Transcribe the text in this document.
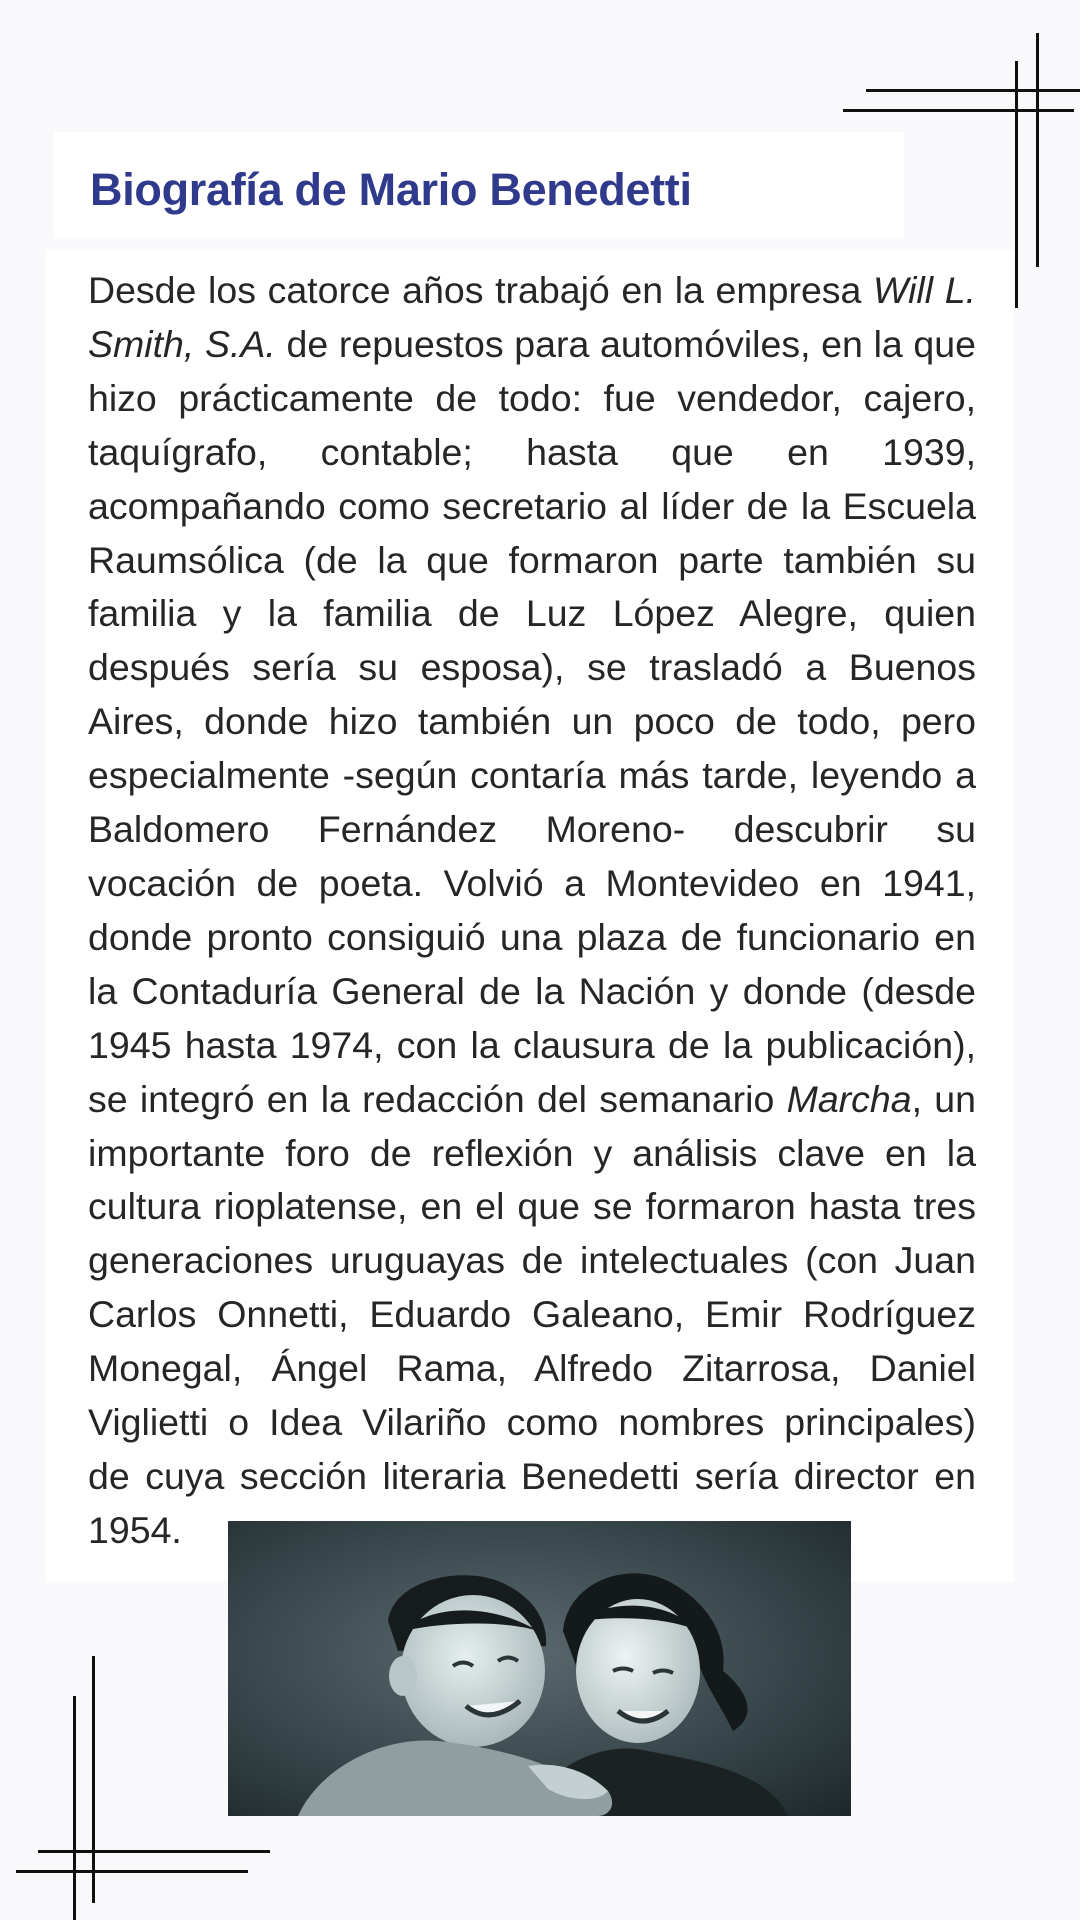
Biografía de Mario Benedetti
Desde los catorce años trabajó en la empresa Will L.
Smith, S.A. de repuestos para automóviles, en la que
hizo prácticamente de todo: fue vendedor, cajero,
taquígrafo, contable; hasta que en 1939,
acompañando como secretario al líder de la Escuela
Raumsólica (de la que formaron parte también su
familia y la familia de Luz López Alegre, quien
después sería su esposa), se trasladó a Buenos
Aires, donde hizo también un poco de todo, pero
especialmente -según contaría más tarde, leyendo a
Baldomero Fernández Moreno- descubrir su
vocación de poeta. Volvió a Montevideo en 1941,
donde pronto consiguió una plaza de funcionario en
la Contaduría General de la Nación y donde (desde
1945 hasta 1974, con la clausura de la publicación),
se integró en la redacción del semanario Marcha, un
importante foro de reflexión y análisis clave en la
cultura rioplatense, en el que se formaron hasta tres
generaciones uruguayas de intelectuales (con Juan
Carlos Onnetti, Eduardo Galeano, Emir Rodríguez
Monegal, Ángel Rama, Alfredo Zitarrosa, Daniel
Viglietti o Idea Vilariño como nombres principales)
de cuya sección literaria Benedetti sería director en
1954.
